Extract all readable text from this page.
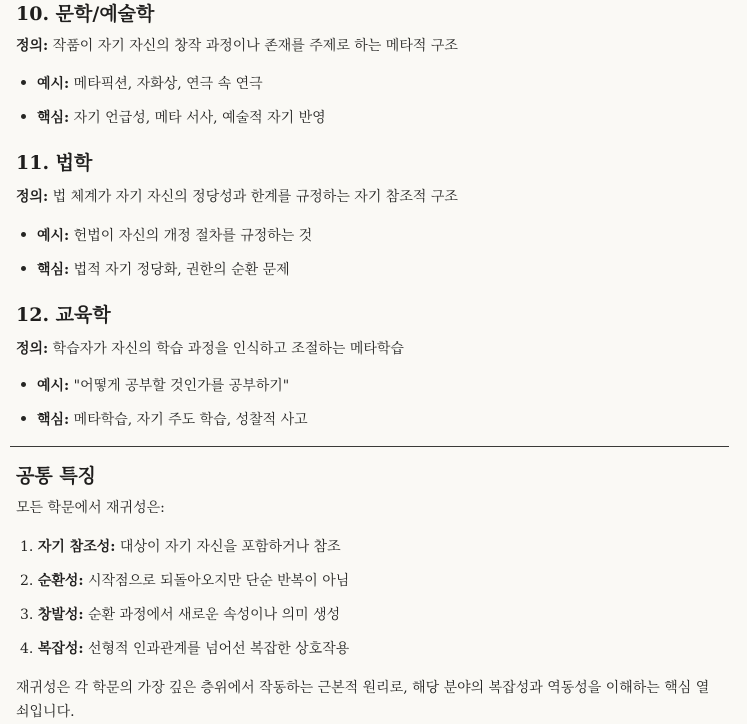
10. 문학/예술학

정의: 작품이 자기 자신의 창작 과정이나 존재를 주제로 하는 메타적 구조

예시: 메타픽션, 자화상, 연극 속 연극
핵심: 자기 언급성, 메타 서사, 예술적 자기 반영
11. 법학

정의: 법 체계가 자기 자신의 정당성과 한계를 규정하는 자기 참조적 구조

예시: 헌법이 자신의 개정 절차를 규정하는 것
핵심: 법적 자기 정당화, 권한의 순환 문제
12. 교육학

정의: 학습자가 자신의 학습 과정을 인식하고 조절하는 메타학습

예시: "어떻게 공부할 것인가를 공부하기"
핵심: 메타학습, 자기 주도 학습, 성찰적 사고
공통 특징

모든 학문에서 재귀성은:

1. 자기 참조성: 대상이 자기 자신을 포함하거나 참조
2. 순환성: 시작점으로 되돌아오지만 단순 반복이 아님
3. 창발성: 순환 과정에서 새로운 속성이나 의미 생성
4. 복잡성: 선형적 인과관계를 넘어선 복잡한 상호작용

재귀성은 각 학문의 가장 깊은 층위에서 작동하는 근본적 원리로, 해당 분야의 복잡성과 역동성을 이해하는 핵심 열쇠입니다.
